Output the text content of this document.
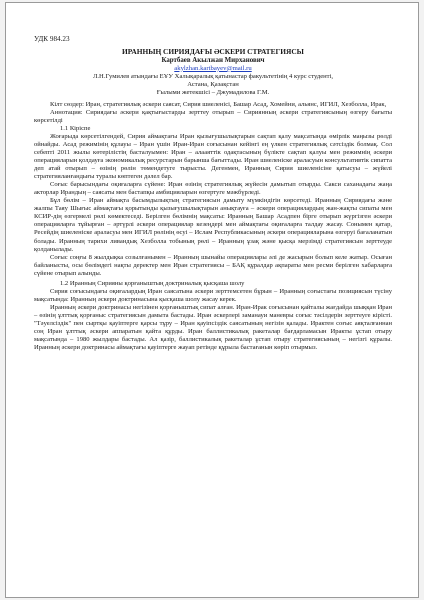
УДК 984.23
ИРАННЫҢ СИРИЯДАҒЫ ӘСКЕРИ СТРАТЕГИЯСЫ
Картбаев Акылжан Мирханович
akylzhan.kartbayev@mail.ru
Л.Н.Гумилев атындағы ЕҰУ Халықаралық қатынастар факультетінің 4 курс студенті,
Астана, Қазақстан
Ғылыми жетекшісі – Джумадилова Г.М.

Кілт сөздер: Иран, стратегиялық әскери саясат, Сирия шиеленісі, Башар Асад, Хомейни, альянс, ИГИЛ, Хезболла, Ирак,

Аннотация: Сириядағы әскери қақтығыстарды зерттеу отырып – Сириянның әскери стратегиясының өзгеру бағыты көрсетілді

1.1 Кіріспе

Жоғарыда көрсетілгендей, Сирия аймақтағы Иран қызығушылықтарын сақтап қалу мақсатында өмірлік маңызы рөлді ойнайды. Асад режимінің құлауы – Иран үшін Иран-Иран соғысынан кейінгі ең үлкен стратегиялық сәтсіздік болмақ. Сол себепті 2011 жылы көтерілістің басталуымен: Иран – алааяттік одақтасының бүлікте сақтап қалуы мен режимнің әскери операцияларын қолдауға экономикалық ресурстарын барынша бағыттады. Иран шиеленіске араласуын консультативтік сипатта деп атай отырып – өзінің рөлін төмендетуге тырысты. Дегенмен, Иранның Сирия шиеленісіне қатысуы – жүйелі стратегияланғандығы туралы көптеген дәлел бар.

Соғыс барысындағы оқиғаларға сүйене: Иран өзінің стратегиялық жүйесін дамытып отырды. Сакси саханадағы жаңа акторлар Ирандың – саясаты мен бастапқы амбицияларын өзгертуге мәжбүрледі.

Бұл бөлім – Иран аймақта басымдылықтың стратегиясын дамыту мүмкіндігін көрсетеді. Иранның Сириядағы және жалпы Таяу Шығыс аймақтағы қорытынды қызығушылықтарын анықтауға – әскери операциялардың жан-жақты сипаты мен КСИР-дің өзгермелі рөлі көмектеседі. Берілген бөлімнің мақсаты: Иранның Башар Асадпен бірге отырып жүргізген әскери операцияларға тұйырған – әртүрлі әскери операциялар кезеңдері мен аймақтағы оқиғаларға талдау жасау. Сонымен қатар, Ресейдің шиеленіске араласуы мен ИГИЛ рөлінің өсуі – Ислам Республикасының әскери операцияларына өзгеруі бағаланатын болады. Иранның тарихи ливандық Хезболла тобының рөлі – Иранның ұзақ және қысқа мерзімді стратегиясын зерттеуде қолданылады.

Соғыс соңғы 8 жылдықка созылғанымен – Иранның шынайы операциялары әлі де жасырын болып келе жатыр. Осыған байланысты, осы бөлімдегі нақты деректер мен Иран стратегиясы – БАҚ құралдар ақпараты мен ресми берілген хабарларға сүйене отырып алынды.

1.2 Иранның Сирияны қорғаныштың доктриналық қысқаша шолу

Сирия соғысындағы оқиғалардың Иран саясатына әскери зерттемсетен бұрын – Иранның соғыстағы позициясын түсіну мақсатында: Иранның әскери доктринасына қысқаша шолу жасау керек.

Иранның әскери доктринасы негізінен қорғаныштық сипат алған. Иран-Ирак соғысынан қайталы жағдайда шыққан Иран – өзінің ұлттық қорғаныс стратегиясын дамыта бастады. Иран әскерлері заманауи маневры соғыс тәсілдерін зерттеуге кірісті. "Тәуелсіздік" пен сыртқы қауіптерге қарсы тұру – Иран қауіпсіздік саясатының негізін қалады. Ирактен соғыс аяқталғаннан соң Иран ұлттық әскери аппаратын қайта құрды. Иран баллистикалық ракеталар бағдарламасын Иракты ұстап отыру мақсатында – 1980 жылдары бастады. Ал қазір, баллистикалық ракеталар ұстап отыру стратегиясының – негізгі құралы. Иранның әскери доктринасы аймақтағы қауіптерге жауап ретінде құрыла бастағанын көріп отырмыз.
